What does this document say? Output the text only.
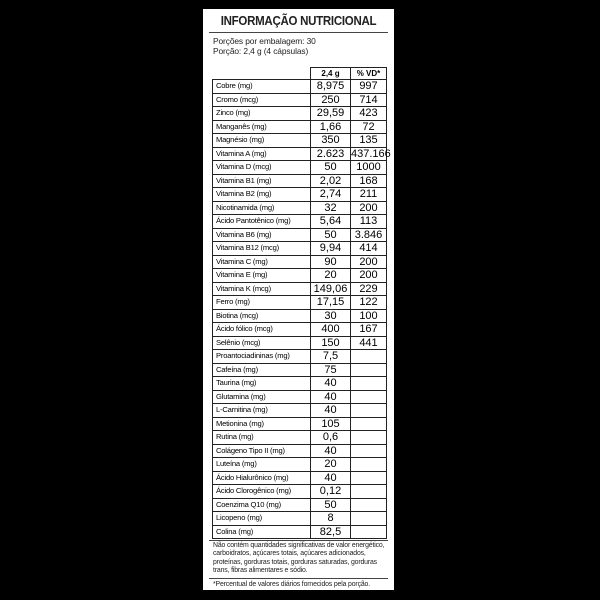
INFORMAÇÃO NUTRICIONAL
Porções por embalagem: 30
Porção: 2,4 g (4 cápsulas)
	2,4 g	% VD*
Cobre (mg)	8,975	997
Cromo (mcg)	250	714
Zinco (mg)	29,59	423
Manganês (mg)	1,66	72
Magnésio (mg)	350	135
Vitamina A (mg)	2.623	437.166
Vitamina D (mcg)	50	1000
Vitamina B1 (mg)	2,02	168
Vitamina B2 (mg)	2,74	211
Nicotinamida (mg)	32	200
Ácido Pantotênico (mg)	5,64	113
Vitamina B6 (mg)	50	3.846
Vitamina B12 (mcg)	9,94	414
Vitamina C (mg)	90	200
Vitamina E (mg)	20	200
Vitamina K (mcg)	149,06	229
Ferro (mg)	17,15	122
Biotina (mcg)	30	100
Ácido fólico (mcg)	400	167
Selênio (mcg)	150	441
Proantociadininas (mg)	7,5	
Cafeína (mg)	75	
Taurina (mg)	40	
Glutamina (mg)	40	
L-Carnitina (mg)	40	
Metionina (mg)	105	
Rutina (mg)	0,6	
Colágeno Tipo II (mg)	40	
Luteína (mg)	20	
Ácido Hialurônico (mg)	40	
Ácido Clorogênico (mg)	0,12	
Coenzima Q10 (mg)	50	
Licopeno (mg)	8	
Colina (mg)	82,5	
Não contém quantidades significativas de valor energético, carboidratos, açúcares totais, açúcares adicionados, proteínas, gorduras totais, gorduras saturadas, gorduras trans, fibras alimentares e sódio.
*Percentual de valores diários fornecidos pela porção.
